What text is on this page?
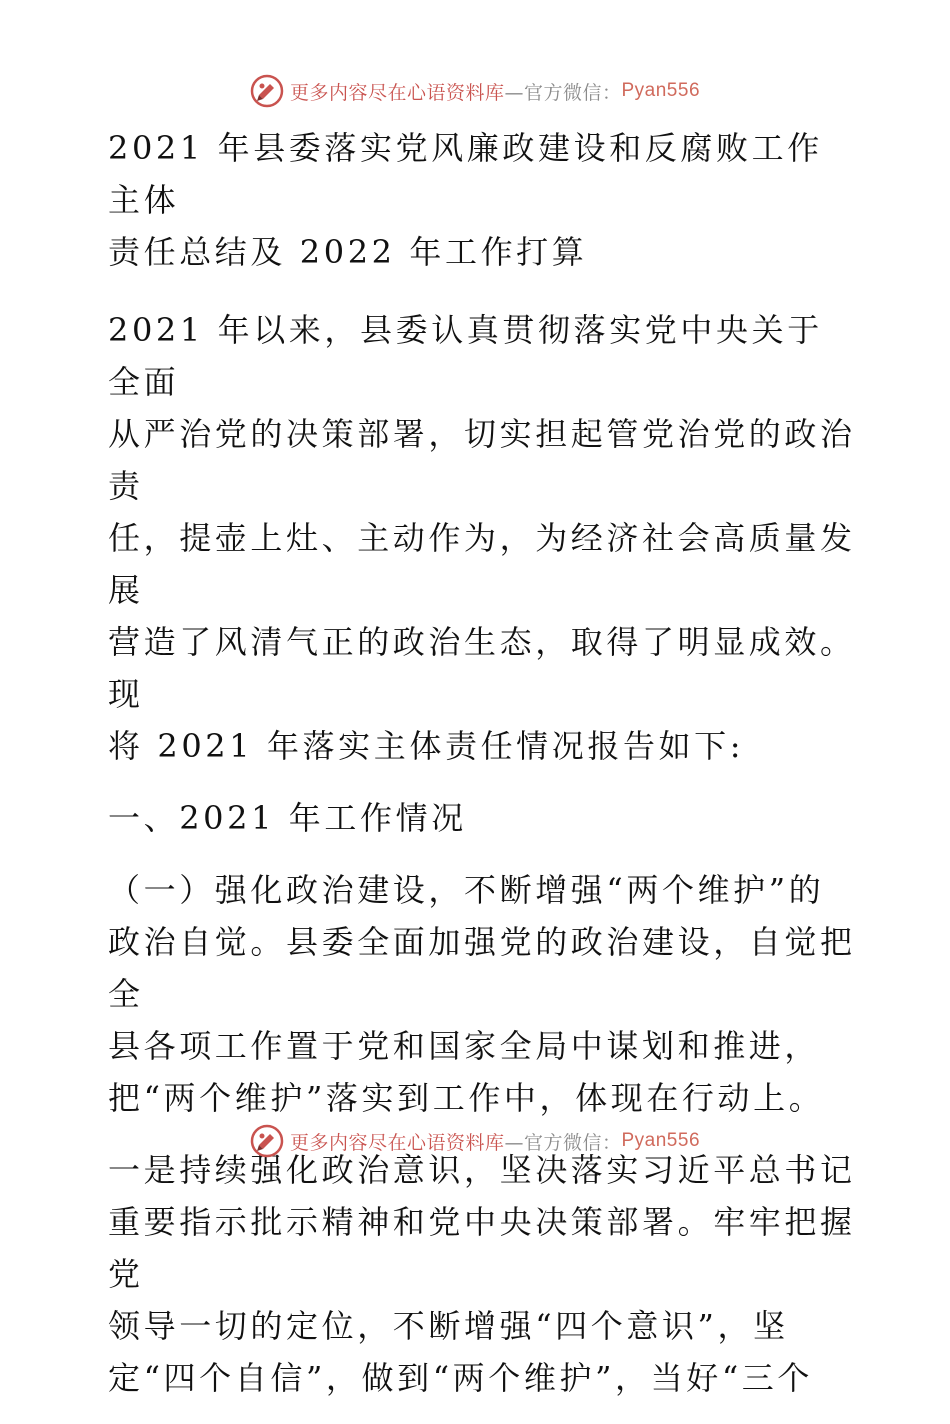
更多内容尽在心语资料库 —官方微信： Pyan556
2021 年县委落实党风廉政建设和反腐败工作主体
责任总结及 2022 年工作打算
2021 年以来，县委认真贯彻落实党中央关于全面
从严治党的决策部署，切实担起管党治党的政治责
任，提壶上灶、主动作为，为经济社会高质量发展
营造了风清气正的政治生态，取得了明显成效。现
将 2021 年落实主体责任情况报告如下:
一、2021 年工作情况
（一）强化政治建设，不断增强“两个维护”的
政治自觉。县委全面加强党的政治建设，自觉把全
县各项工作置于党和国家全局中谋划和推进，
把“两个维护”落实到工作中，体现在行动上。
一是持续强化政治意识，坚决落实习近平总书记
重要指示批示精神和党中央决策部署。牢牢把握党
领导一切的定位，不断增强“四个意识”，坚
定“四个自信”，做到“两个维护”，当好“三个
更多内容尽在心语资料库 —官方微信： Pyan556
